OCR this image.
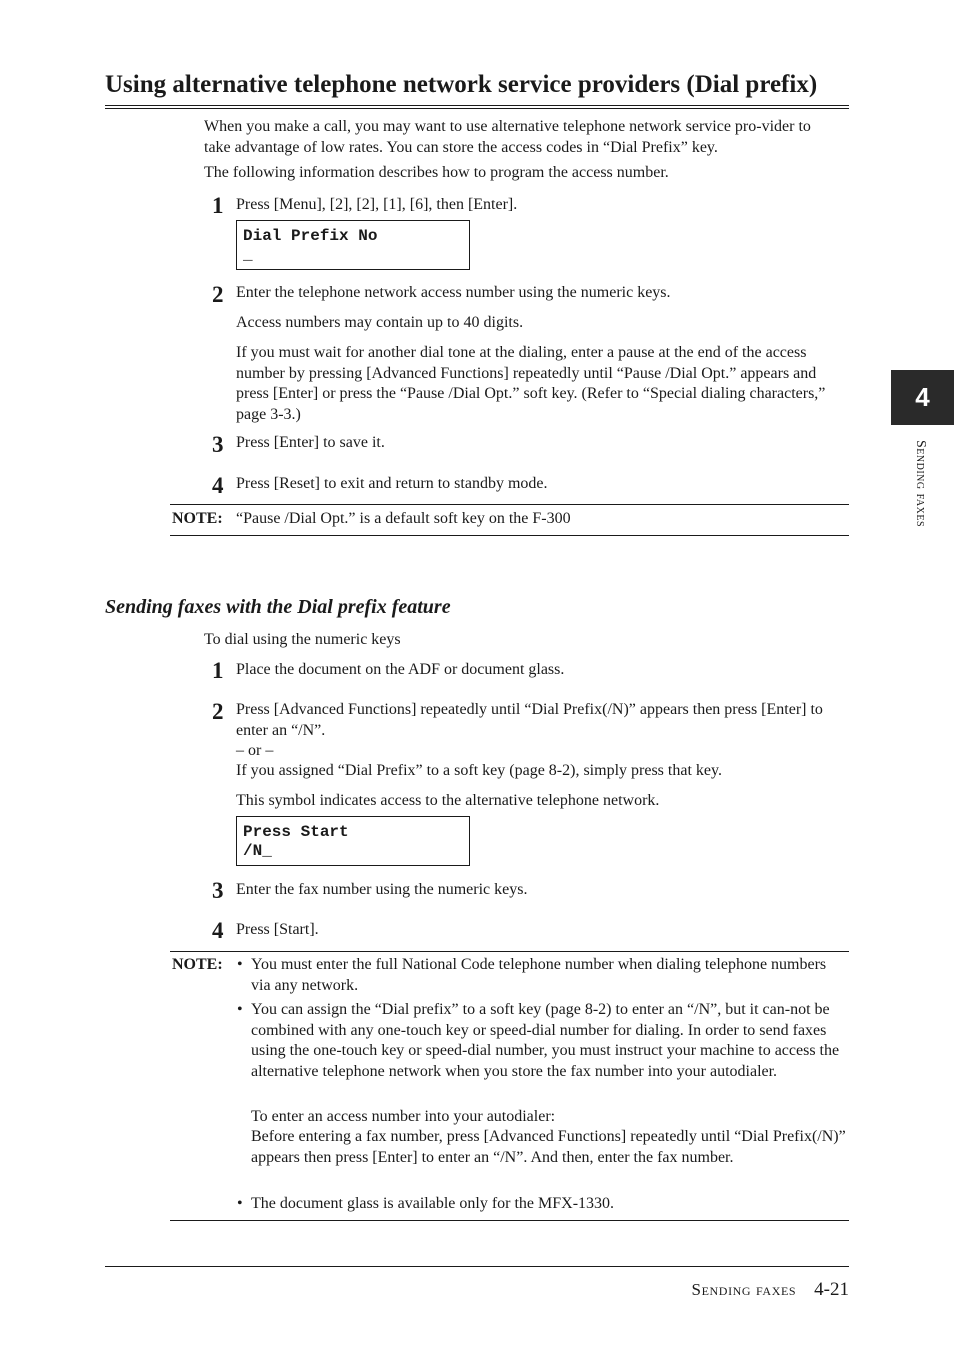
Using alternative telephone network service providers (Dial prefix)
When you make a call, you may want to use alternative telephone network service pro-vider to take advantage of low rates. You can store the access codes in “Dial Prefix” key.
The following information describes how to program the access number.
1 Press [Menu], [2], [2], [1], [6], then [Enter].
Dial Prefix No
_
2 Enter the telephone network access number using the numeric keys.
Access numbers may contain up to 40 digits.
If you must wait for another dial tone at the dialing, enter a pause at the end of the access number by pressing [Advanced Functions] repeatedly until “Pause /Dial Opt.” appears and press [Enter] or press the “Pause /Dial Opt.” soft key. (Refer to “Special dialing characters,” page 3-3.)
3 Press [Enter] to save it.
4 Press [Reset] to exit and return to standby mode.
NOTE: “Pause /Dial Opt.” is a default soft key on the F-300
Sending faxes with the Dial prefix feature
To dial using the numeric keys
1 Place the document on the ADF or document glass.
2 Press [Advanced Functions] repeatedly until “Dial Prefix(/N)” appears then press [Enter] to enter an “/N”.
– or –
If you assigned “Dial Prefix” to a soft key (page 8-2), simply press that key.
This symbol indicates access to the alternative telephone network.
Press Start
/N_
3 Enter the fax number using the numeric keys.
4 Press [Start].
NOTE: • You must enter the full National Code telephone number when dialing telephone numbers via any network.
• You can assign the “Dial prefix” to a soft key (page 8-2) to enter an “/N”, but it can-not be combined with any one-touch key or speed-dial number for dialing. In order to send faxes using the one-touch key or speed-dial number, you must instruct your machine to access the alternative telephone network when you store the fax number into your autodialer.
To enter an access number into your autodialer:
Before entering a fax number, press [Advanced Functions] repeatedly until “Dial Prefix(/N)” appears then press [Enter] to enter an “/N”. And then, enter the fax number.
• The document glass is available only for the MFX-1330.
4
Sending faxes
Sending faxes 4-21
